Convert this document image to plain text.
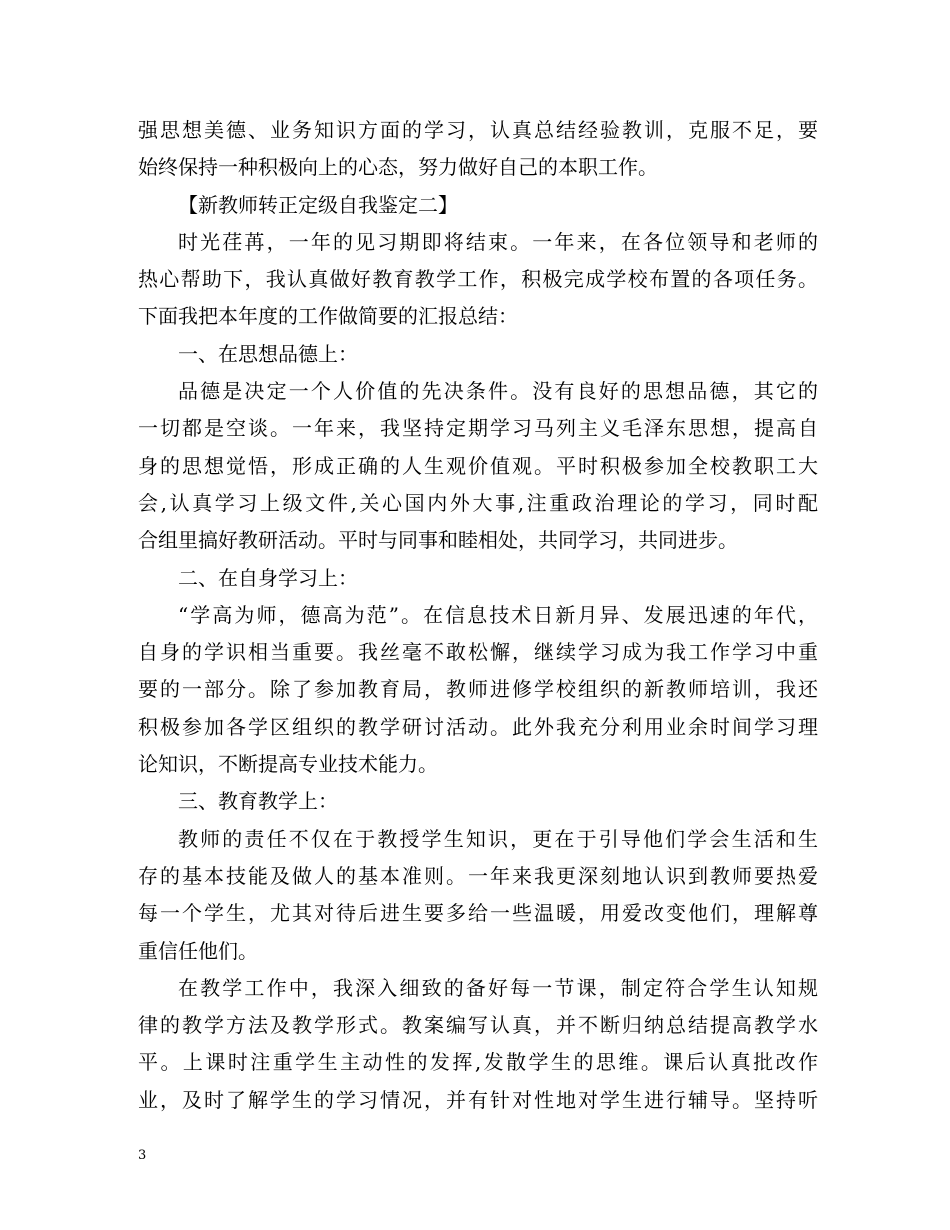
强思想美德、业务知识方面的学习，认真总结经验教训，克服不足，要
始终保持一种积极向上的心态，努力做好自己的本职工作。
【新教师转正定级自我鉴定二】
时光荏苒，一年的见习期即将结束。一年来，在各位领导和老师的
热心帮助下，我认真做好教育教学工作，积极完成学校布置的各项任务。
下面我把本年度的工作做简要的汇报总结：
一、在思想品德上：
品德是决定一个人价值的先决条件。没有良好的思想品德，其它的
一切都是空谈。一年来，我坚持定期学习马列主义毛泽东思想，提高自
身的思想觉悟，形成正确的人生观价值观。平时积极参加全校教职工大
会,认真学习上级文件,关心国内外大事,注重政治理论的学习，同时配
合组里搞好教研活动。平时与同事和睦相处，共同学习，共同进步。
二、在自身学习上：
“学高为师，德高为范”。在信息技术日新月异、发展迅速的年代，
自身的学识相当重要。我丝毫不敢松懈，继续学习成为我工作学习中重
要的一部分。除了参加教育局，教师进修学校组织的新教师培训，我还
积极参加各学区组织的教学研讨活动。此外我充分利用业余时间学习理
论知识，不断提高专业技术能力。
三、教育教学上：
教师的责任不仅在于教授学生知识，更在于引导他们学会生活和生
存的基本技能及做人的基本准则。一年来我更深刻地认识到教师要热爱
每一个学生，尤其对待后进生要多给一些温暖，用爱改变他们，理解尊
重信任他们。
在教学工作中，我深入细致的备好每一节课，制定符合学生认知规
律的教学方法及教学形式。教案编写认真，并不断归纳总结提高教学水
平。上课时注重学生主动性的发挥,发散学生的思维。课后认真批改作
业，及时了解学生的学习情况，并有针对性地对学生进行辅导。坚持听
3
